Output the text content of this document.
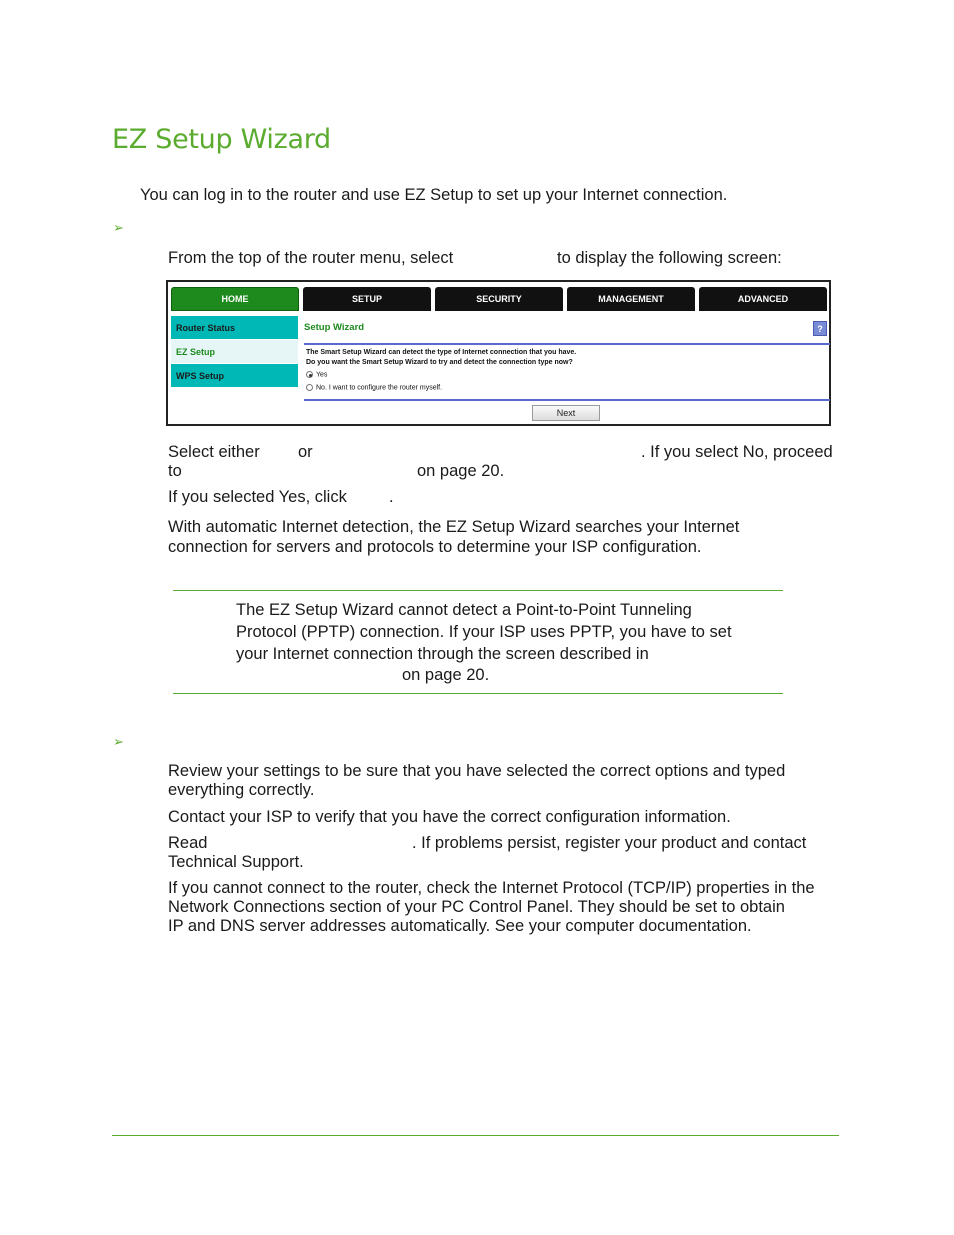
EZ Setup Wizard
You can log in to the router and use EZ Setup to set up your Internet connection.
➢
From the top of the router menu, select	to display the following screen:
HOME	SETUP	SECURITY	MANAGEMENT	ADVANCED
Router Status
EZ Setup
WPS Setup
Setup Wizard	?
The Smart Setup Wizard can detect the type of Internet connection that you have.
Do you want the Smart Setup Wizard to try and detect the connection type now?
Yes
No. I want to configure the router myself.
Next
Select either or	. If you select No, proceed
to	on page 20.
If you selected Yes, click	.
With automatic Internet detection, the EZ Setup Wizard searches your Internet
connection for servers and protocols to determine your ISP configuration.
The EZ Setup Wizard cannot detect a Point-to-Point Tunneling
Protocol (PPTP) connection. If your ISP uses PPTP, you have to set
your Internet connection through the screen described in
on page 20.
➢
Review your settings to be sure that you have selected the correct options and typed
everything correctly.
Contact your ISP to verify that you have the correct configuration information.
Read	. If problems persist, register your product and contact
Technical Support.
If you cannot connect to the router, check the Internet Protocol (TCP/IP) properties in the
Network Connections section of your PC Control Panel. They should be set to obtain
IP and DNS server addresses automatically. See your computer documentation.
